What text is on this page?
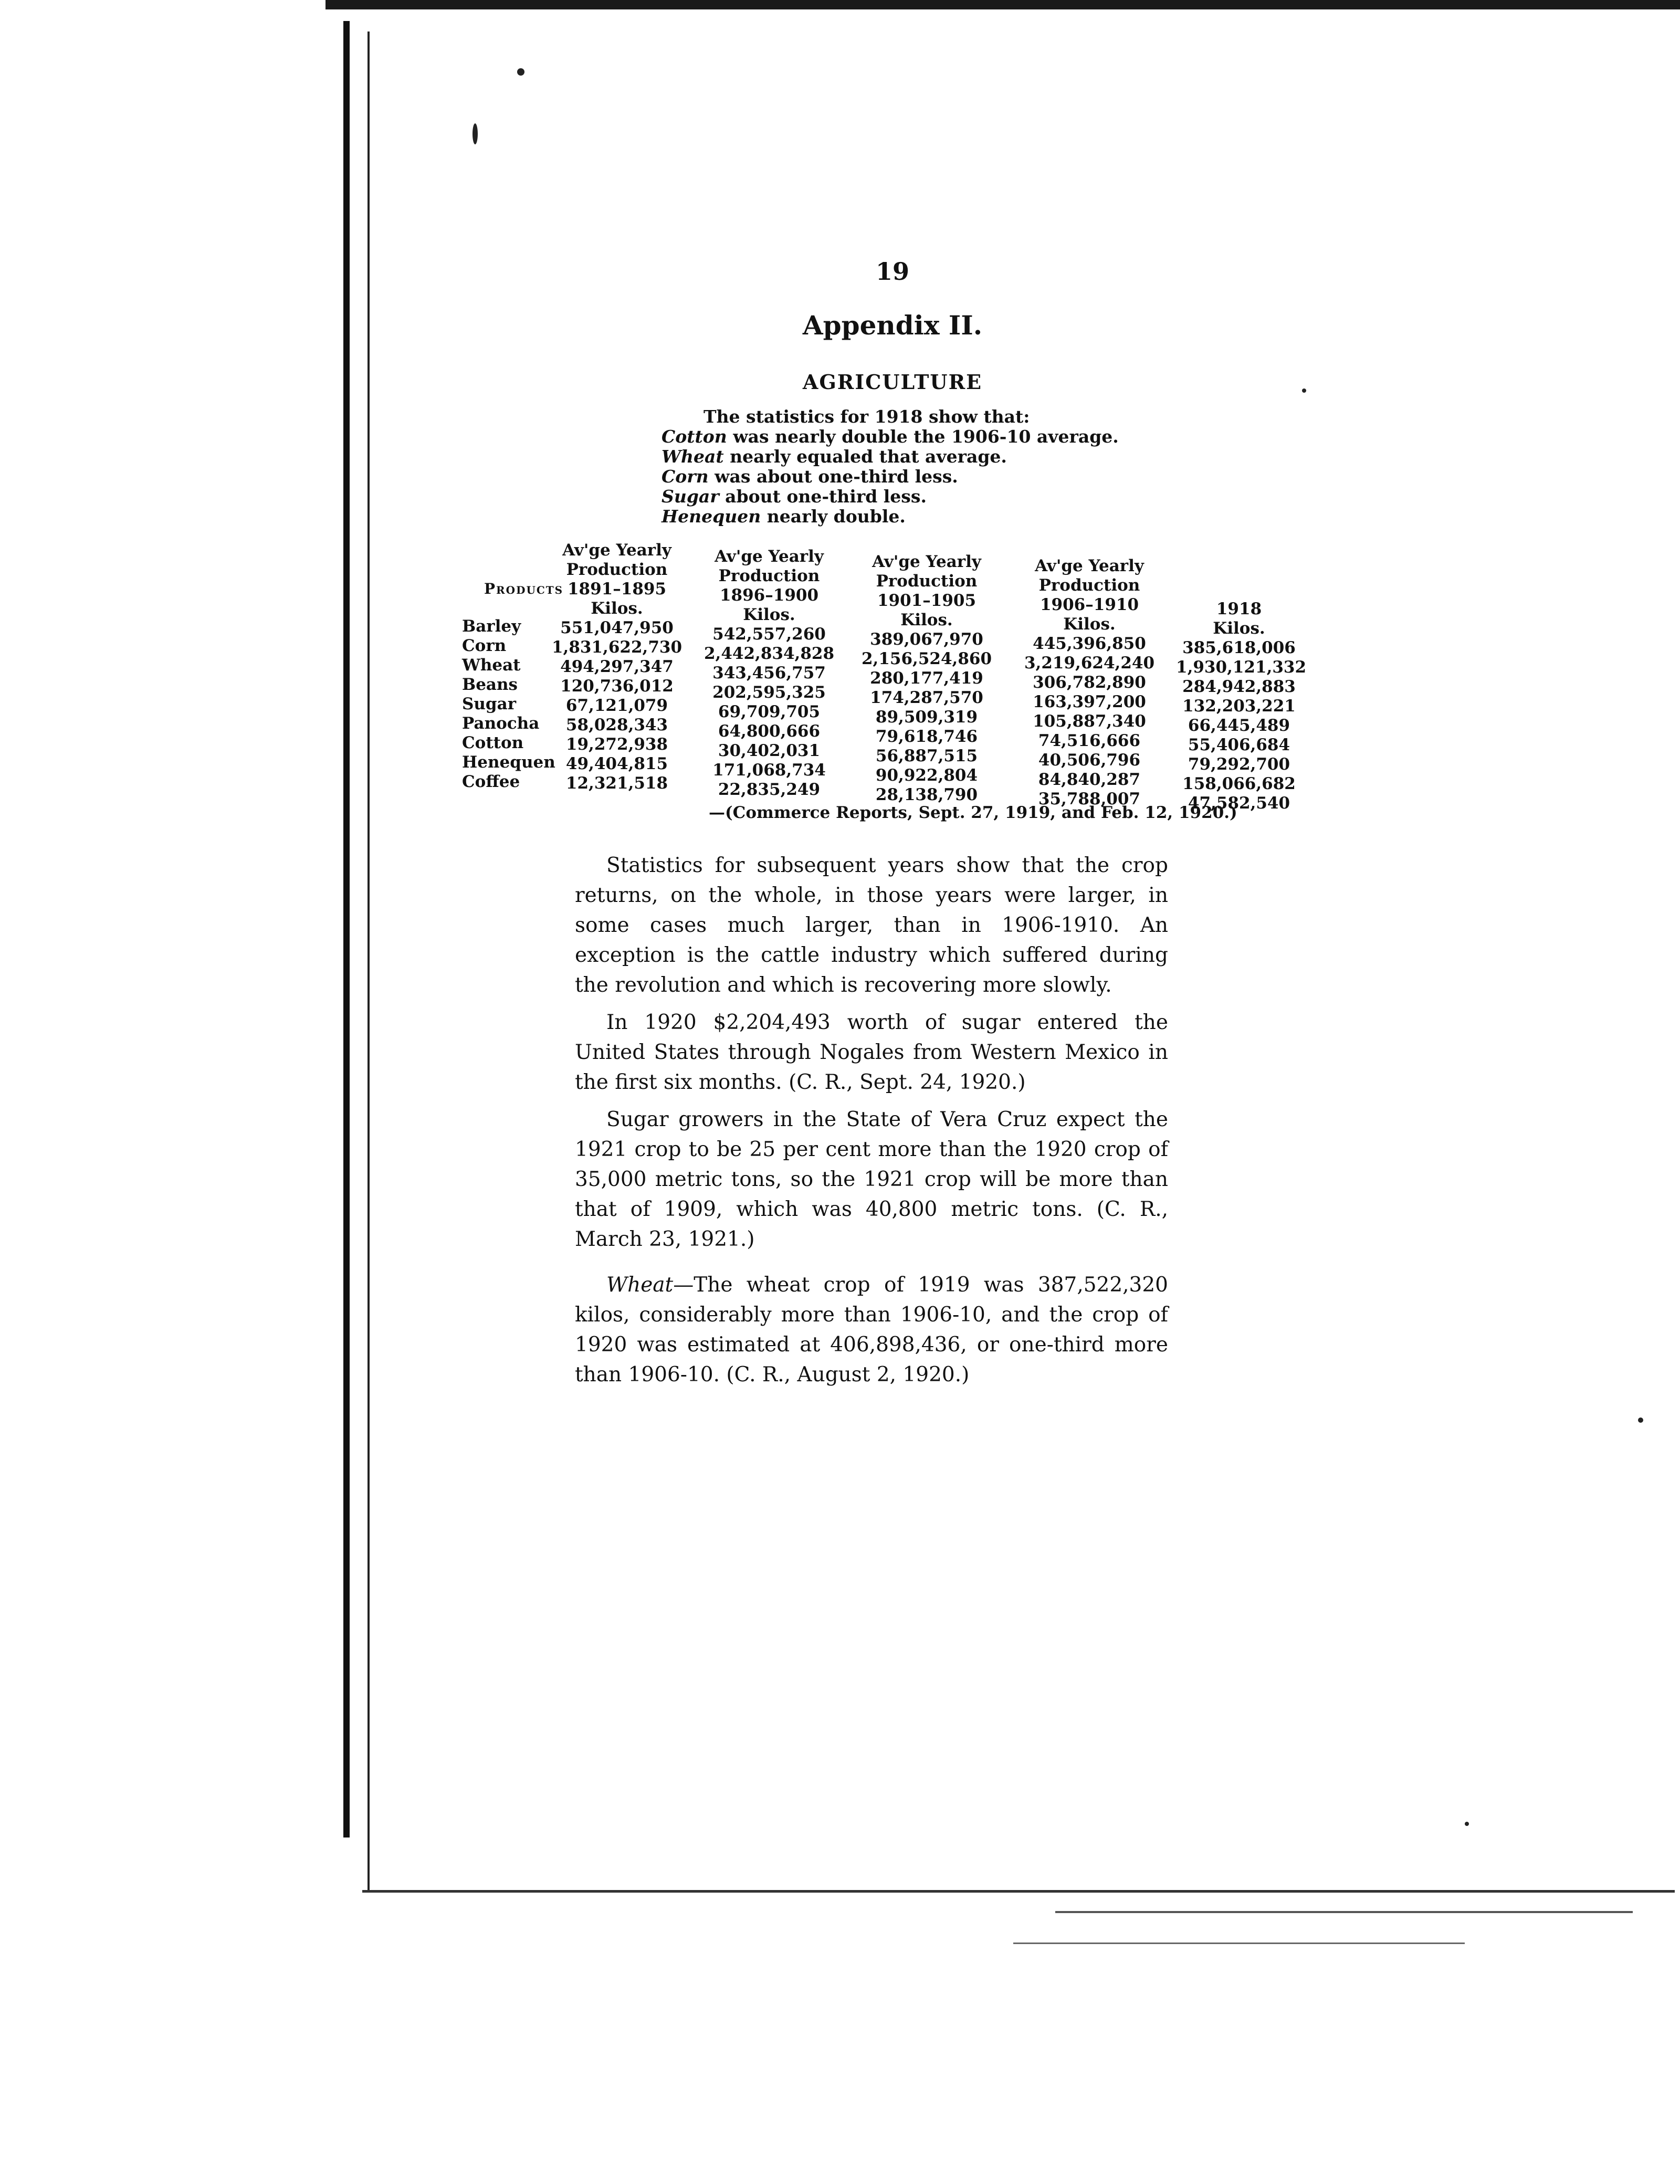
19
Appendix II.
AGRICULTURE
The statistics for 1918 show that:
Cotton was nearly double the 1906-10 average.
Wheat nearly equaled that average.
Corn was about one-third less.
Sugar about one-third less.
Henequen nearly double.
Products
Barley
Corn
Wheat
Beans
Sugar
Panocha
Cotton
Henequen
Coffee
Av'ge Yearly
Production
1891–1895
Kilos.
551,047,950
1,831,622,730
494,297,347
120,736,012
67,121,079
58,028,343
19,272,938
49,404,815
12,321,518
Av'ge Yearly
Production
1896–1900
Kilos.
542,557,260
2,442,834,828
343,456,757
202,595,325
69,709,705
64,800,666
30,402,031
171,068,734
22,835,249
Av'ge Yearly
Production
1901–1905
Kilos.
389,067,970
2,156,524,860
280,177,419
174,287,570
89,509,319
79,618,746
56,887,515
90,922,804
28,138,790
Av'ge Yearly
Production
1906–1910
Kilos.
445,396,850
3,219,624,240
306,782,890
163,397,200
105,887,340
74,516,666
40,506,796
84,840,287
35,788,007
1918
Kilos.
385,618,006
1,930,121,332
284,942,883
132,203,221
66,445,489
55,406,684
79,292,700
158,066,682
47,582,540
—(Commerce Reports, Sept. 27, 1919, and Feb. 12, 1920.)

Statistics for subsequent years show that the crop returns, on the whole, in those years were larger, in some cases much larger, than in 1906-1910. An exception is the cattle industry which suffered during the revolution and which is recovering more slowly.

In 1920 $2,204,493 worth of sugar entered the United States through Nogales from Western Mexico in the first six months. (C. R., Sept. 24, 1920.)

Sugar growers in the State of Vera Cruz expect the 1921 crop to be 25 per cent more than the 1920 crop of 35,000 metric tons, so the 1921 crop will be more than that of 1909, which was 40,800 metric tons. (C. R., March 23, 1921.)

Wheat—The wheat crop of 1919 was 387,522,320 kilos, considerably more than 1906-10, and the crop of 1920 was estimated at 406,898,436, or one-third more than 1906-10. (C. R., August 2, 1920.)
